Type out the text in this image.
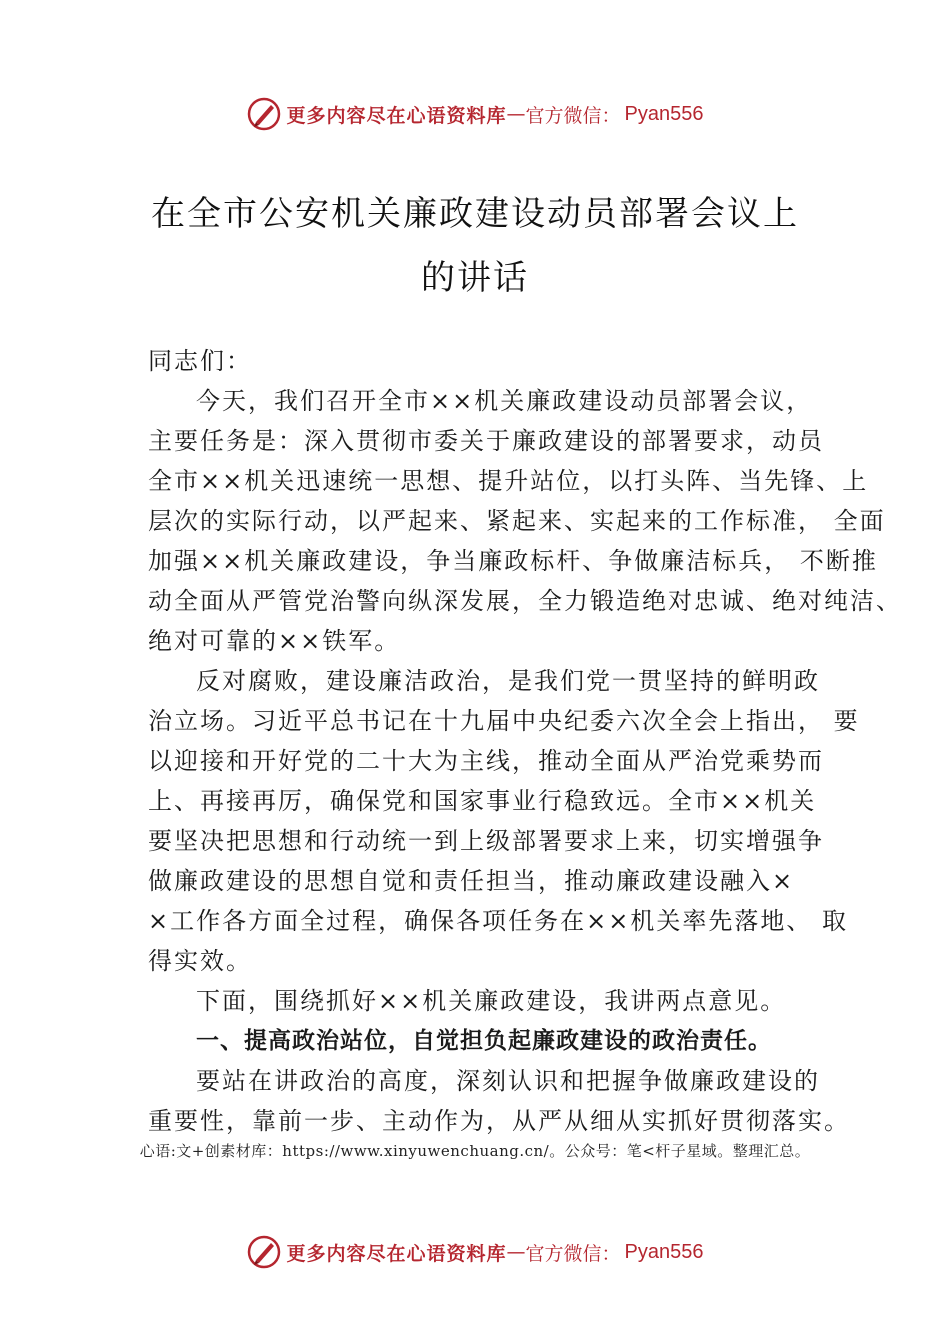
更多内容尽在心语资料库 — 官方微信： Pyan556
在全市公安机关廉政建设动员部署会议上
的讲话
同志们：
今天，我们召开全市××机关廉政建设动员部署会议，
主要任务是：深入贯彻市委关于廉政建设的部署要求，动员
全市××机关迅速统一思想、提升站位，以打头阵、当先锋、上
层次的实际行动，以严起来、紧起来、实起来的工作标准， 全面
加强××机关廉政建设，争当廉政标杆、争做廉洁标兵， 不断推
动全面从严管党治警向纵深发展，全力锻造绝对忠诚、绝对纯洁、
绝对可靠的××铁军。
反对腐败，建设廉洁政治，是我们党一贯坚持的鲜明政
治立场。习近平总书记在十九届中央纪委六次全会上指出， 要
以迎接和开好党的二十大为主线，推动全面从严治党乘势而
上、再接再厉，确保党和国家事业行稳致远。全市××机关
要坚决把思想和行动统一到上级部署要求上来，切实增强争
做廉政建设的思想自觉和责任担当，推动廉政建设融入×
×工作各方面全过程，确保各项任务在××机关率先落地、 取
得实效。
下面，围绕抓好××机关廉政建设，我讲两点意见。
一、提高政治站位，自觉担负起廉政建设的政治责任。
要站在讲政治的高度，深刻认识和把握争做廉政建设的
重要性，靠前一步、主动作为，从严从细从实抓好贯彻落实。
心语:文+创素材库：https://www.xinyuwenchuang.cn/。公众号：笔<杆子星域。整理汇总。
更多内容尽在心语资料库 — 官方微信： Pyan556
